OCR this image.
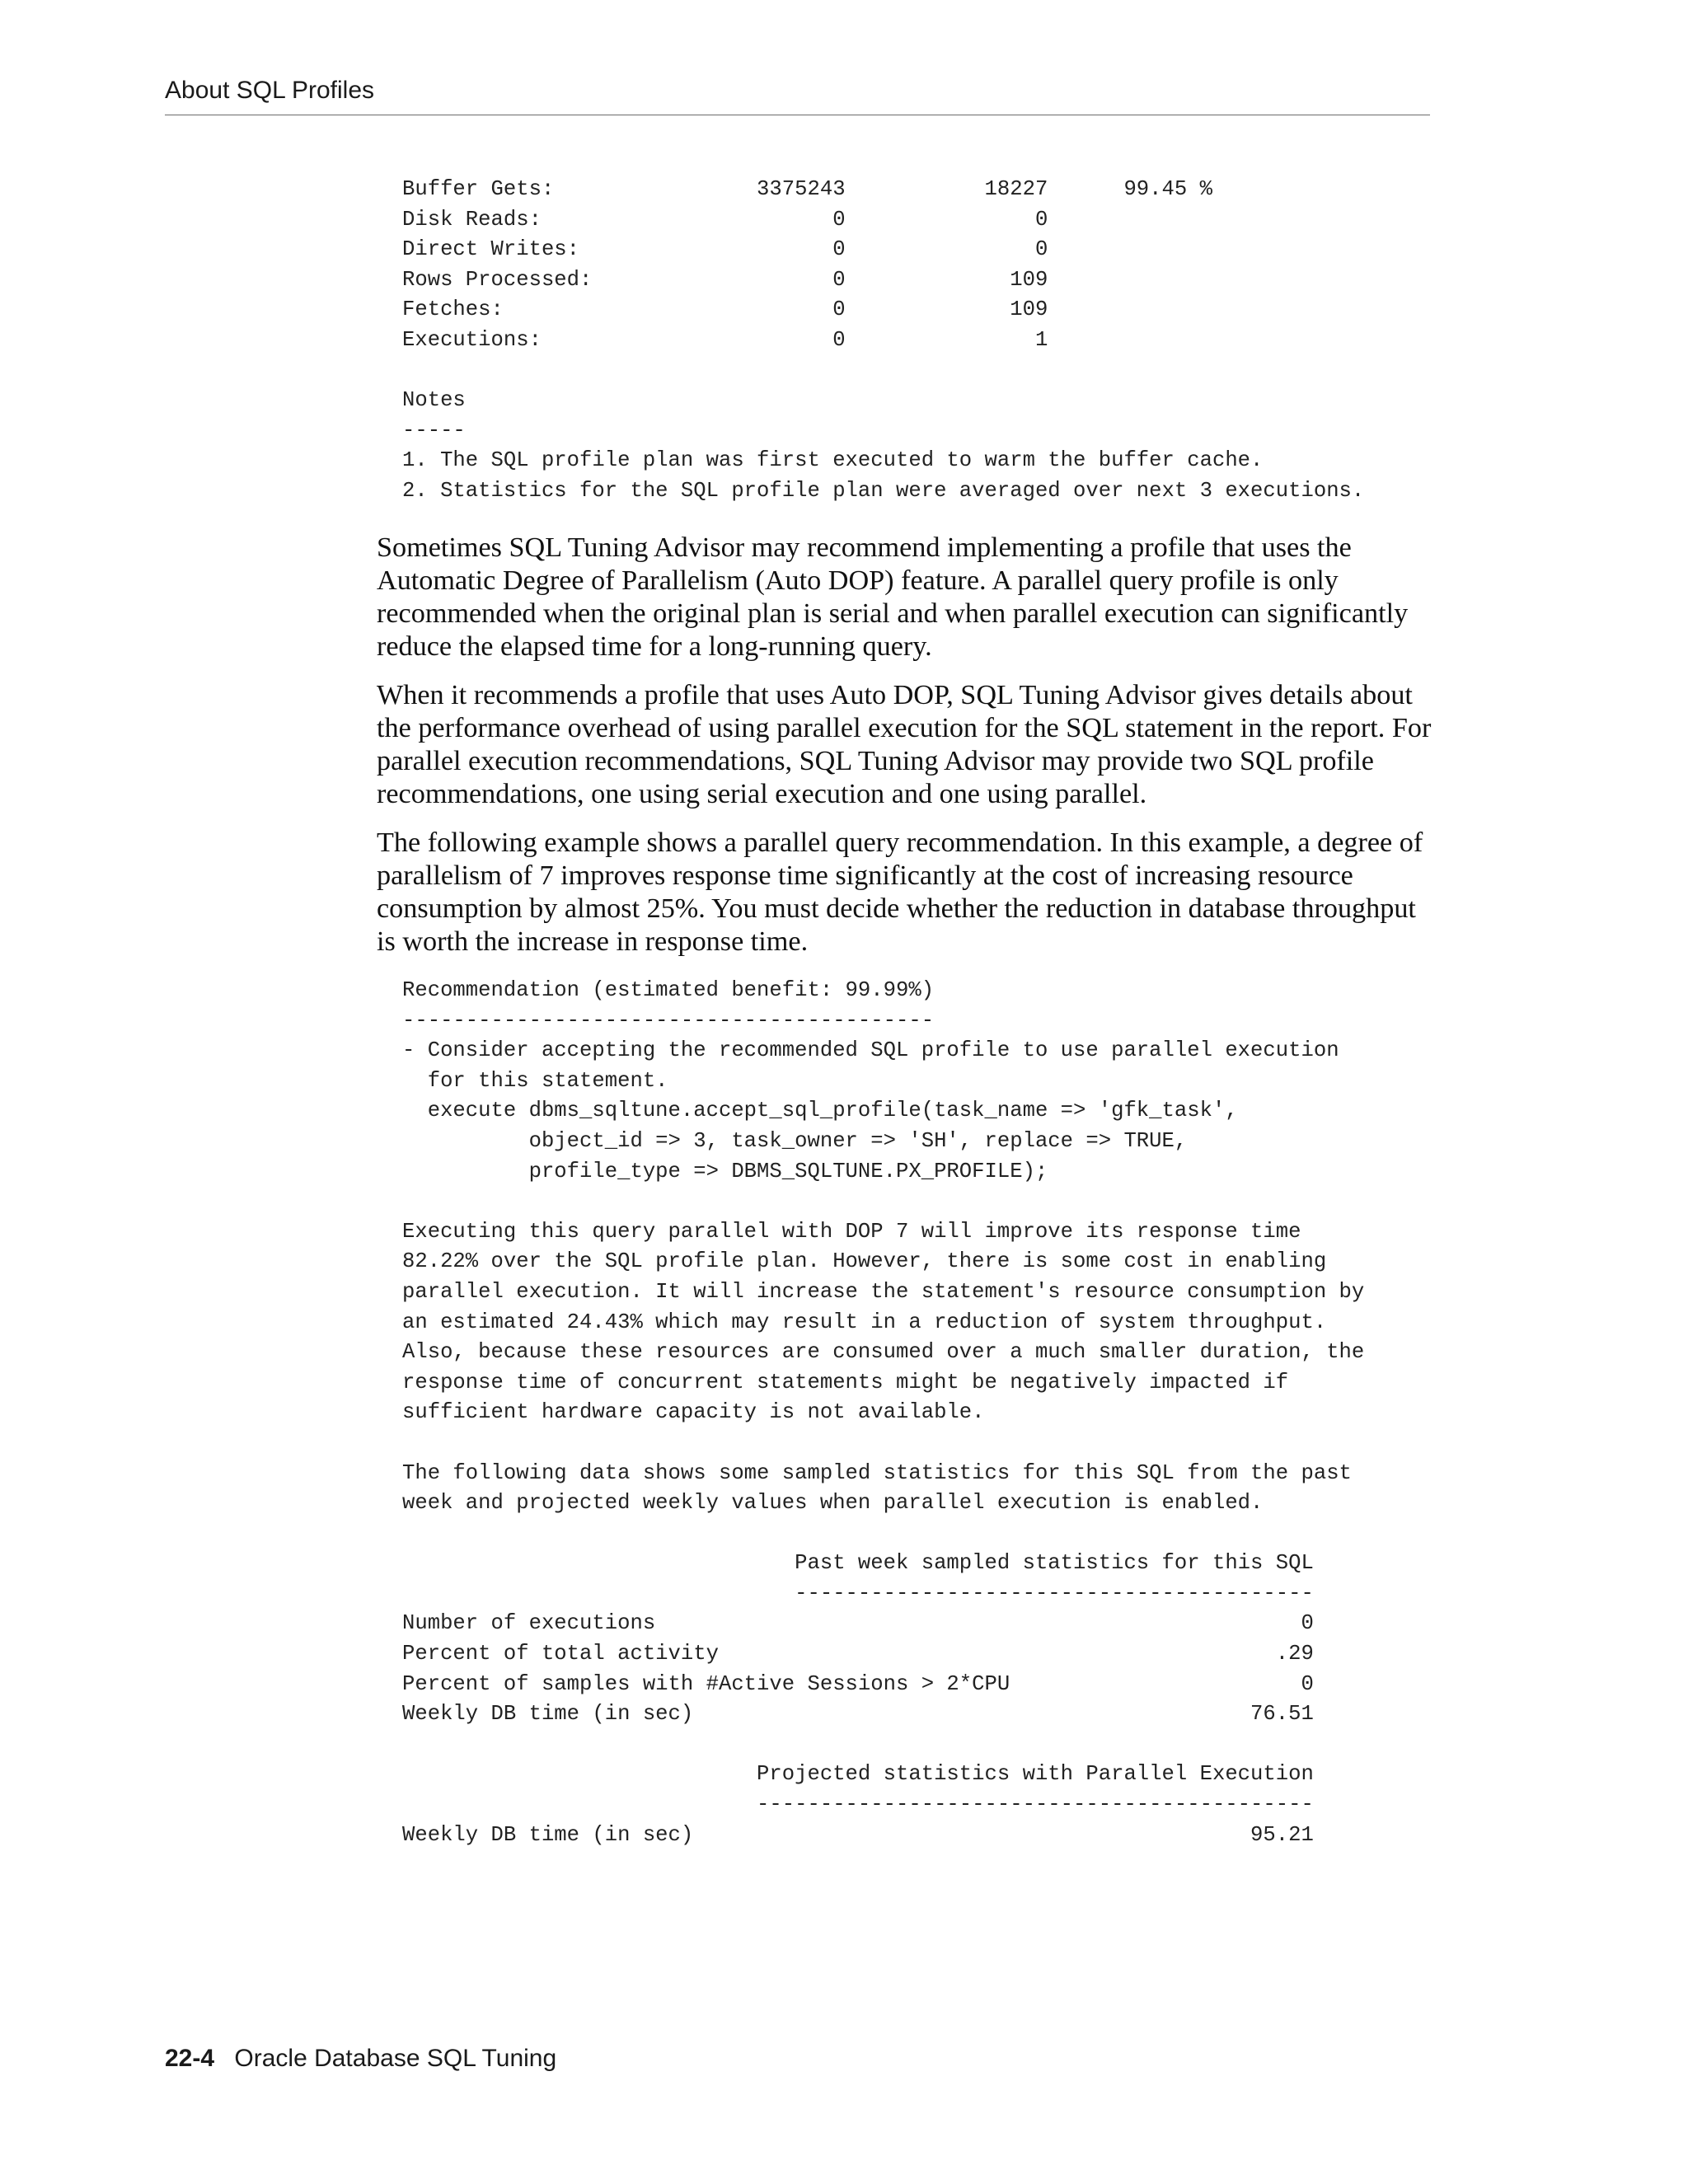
About SQL Profiles
Buffer Gets:                3375243           18227      99.45 %
Disk Reads:                       0               0
Direct Writes:                    0               0
Rows Processed:                   0             109
Fetches:                          0             109
Executions:                       0               1

Notes
-----
1. The SQL profile plan was first executed to warm the buffer cache.
2. Statistics for the SQL profile plan were averaged over next 3 executions.

Sometimes SQL Tuning Advisor may recommend implementing a profile that uses the Automatic Degree of Parallelism (Auto DOP) feature. A parallel query profile is only recommended when the original plan is serial and when parallel execution can significantly reduce the elapsed time for a long-running query.

When it recommends a profile that uses Auto DOP, SQL Tuning Advisor gives details about the performance overhead of using parallel execution for the SQL statement in the report. For parallel execution recommendations, SQL Tuning Advisor may provide two SQL profile recommendations, one using serial execution and one using parallel.

The following example shows a parallel query recommendation. In this example, a degree of parallelism of 7 improves response time significantly at the cost of increasing resource consumption by almost 25%. You must decide whether the reduction in database throughput is worth the increase in response time.

Recommendation (estimated benefit: 99.99%)
------------------------------------------
- Consider accepting the recommended SQL profile to use parallel execution
for this statement.
execute dbms_sqltune.accept_sql_profile(task_name => 'gfk_task',
object_id => 3, task_owner => 'SH', replace => TRUE,
profile_type => DBMS_SQLTUNE.PX_PROFILE);

Executing this query parallel with DOP 7 will improve its response time
82.22% over the SQL profile plan. However, there is some cost in enabling
parallel execution. It will increase the statement's resource consumption by
an estimated 24.43% which may result in a reduction of system throughput.
Also, because these resources are consumed over a much smaller duration, the
response time of concurrent statements might be negatively impacted if
sufficient hardware capacity is not available.

The following data shows some sampled statistics for this SQL from the past
week and projected weekly values when parallel execution is enabled.

Past week sampled statistics for this SQL
-----------------------------------------
Number of executions                                                   0
Percent of total activity                                            .29
Percent of samples with #Active Sessions > 2*CPU                       0
Weekly DB time (in sec)                                            76.51

Projected statistics with Parallel Execution
--------------------------------------------
Weekly DB time (in sec)                                            95.21
22-4 Oracle Database SQL Tuning
